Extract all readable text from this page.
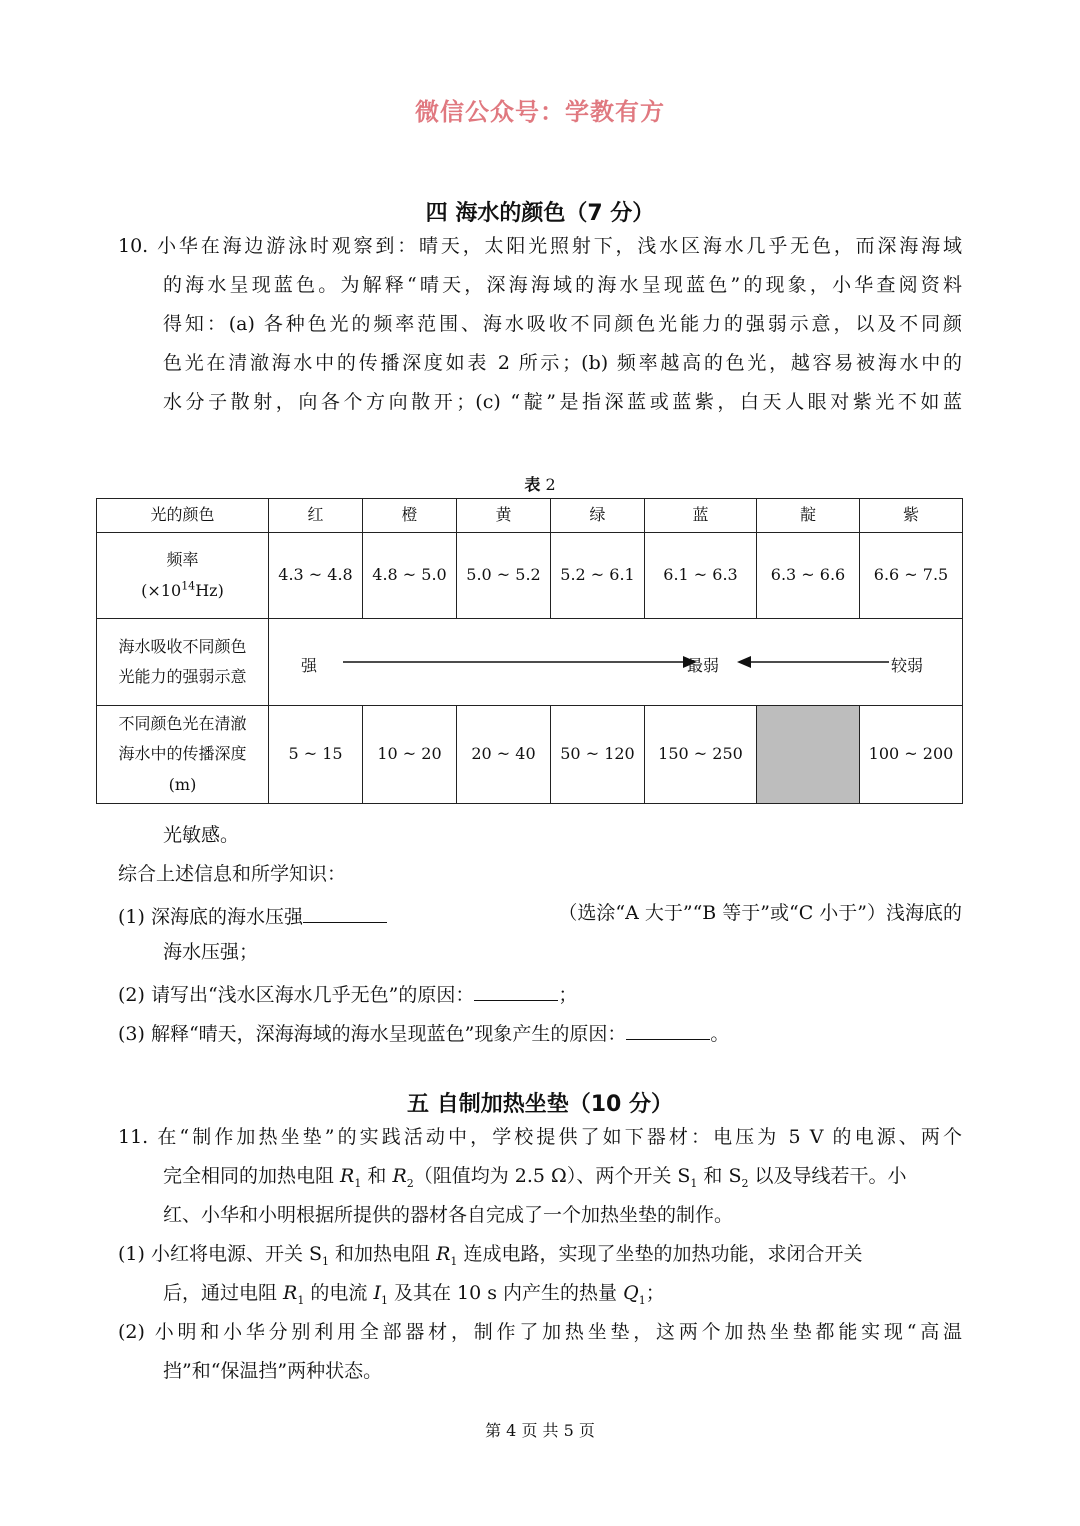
微信公众号：学教有方
四 海水的颜色（7 分）
10. 小华在海边游泳时观察到：晴天，太阳光照射下，浅水区海水几乎无色，而深海海域
的海水呈现蓝色。为解释“晴天，深海海域的海水呈现蓝色”的现象，小华查阅资料
得知：(a) 各种色光的频率范围、海水吸收不同颜色光能力的强弱示意，以及不同颜
色光在清澈海水中的传播深度如表 2 所示；(b) 频率越高的色光，越容易被海水中的
水分子散射，向各个方向散开；(c) “靛”是指深蓝或蓝紫，白天人眼对紫光不如蓝
表 2
光的颜色	红	橙	黄	绿	蓝	靛	紫
频率
$(\times 10^{14}Hz)$	4.3 ~ 4.8	4.8 ~ 5.0	5.0 ~ 5.2	5.2 ~ 6.1	6.1 ~ 6.3	6.3 ~ 6.6	6.6 ~ 7.5
海水吸收不同颜色
光能力的强弱示意	强 最弱 较弱						

不同颜色光在清澈
海水中的传播深度
(m)	5 ~ 15	10 ~ 20	20 ~ 40	50 ~ 120	150 ~ 250		100 ~ 200
光敏感。
综合上述信息和所学知识：
(1) 深海底的海水压强	（选涂“A 大于”“B 等于”或“C 小于”）浅海底的
海水压强；
(2) 请写出“浅水区海水几乎无色”的原因：	；
(3) 解释“晴天，深海海域的海水呈现蓝色”现象产生的原因：	。
五 自制加热坐垫（10 分）
11. 在“制作加热坐垫”的实践活动中，学校提供了如下器材：电压为 5 V 的电源、两个
完全相同的加热电阻 $R_1$ 和 $R_2$（阻值均为 2.5 Ω）、两个开关 $S_1$ 和 $S_2$ 以及导线若干。小
红、小华和小明根据所提供的器材各自完成了一个加热坐垫的制作。
(1) 小红将电源、开关 $S_1$ 和加热电阻 $R_1$ 连成电路，实现了坐垫的加热功能，求闭合开关
后，通过电阻 $R_1$ 的电流 $I_1$ 及其在 10 s 内产生的热量 $Q_1$；
(2) 小明和小华分别利用全部器材，制作了加热坐垫，这两个加热坐垫都能实现“高温
挡”和“保温挡”两种状态。
第 4 页 共 5 页
